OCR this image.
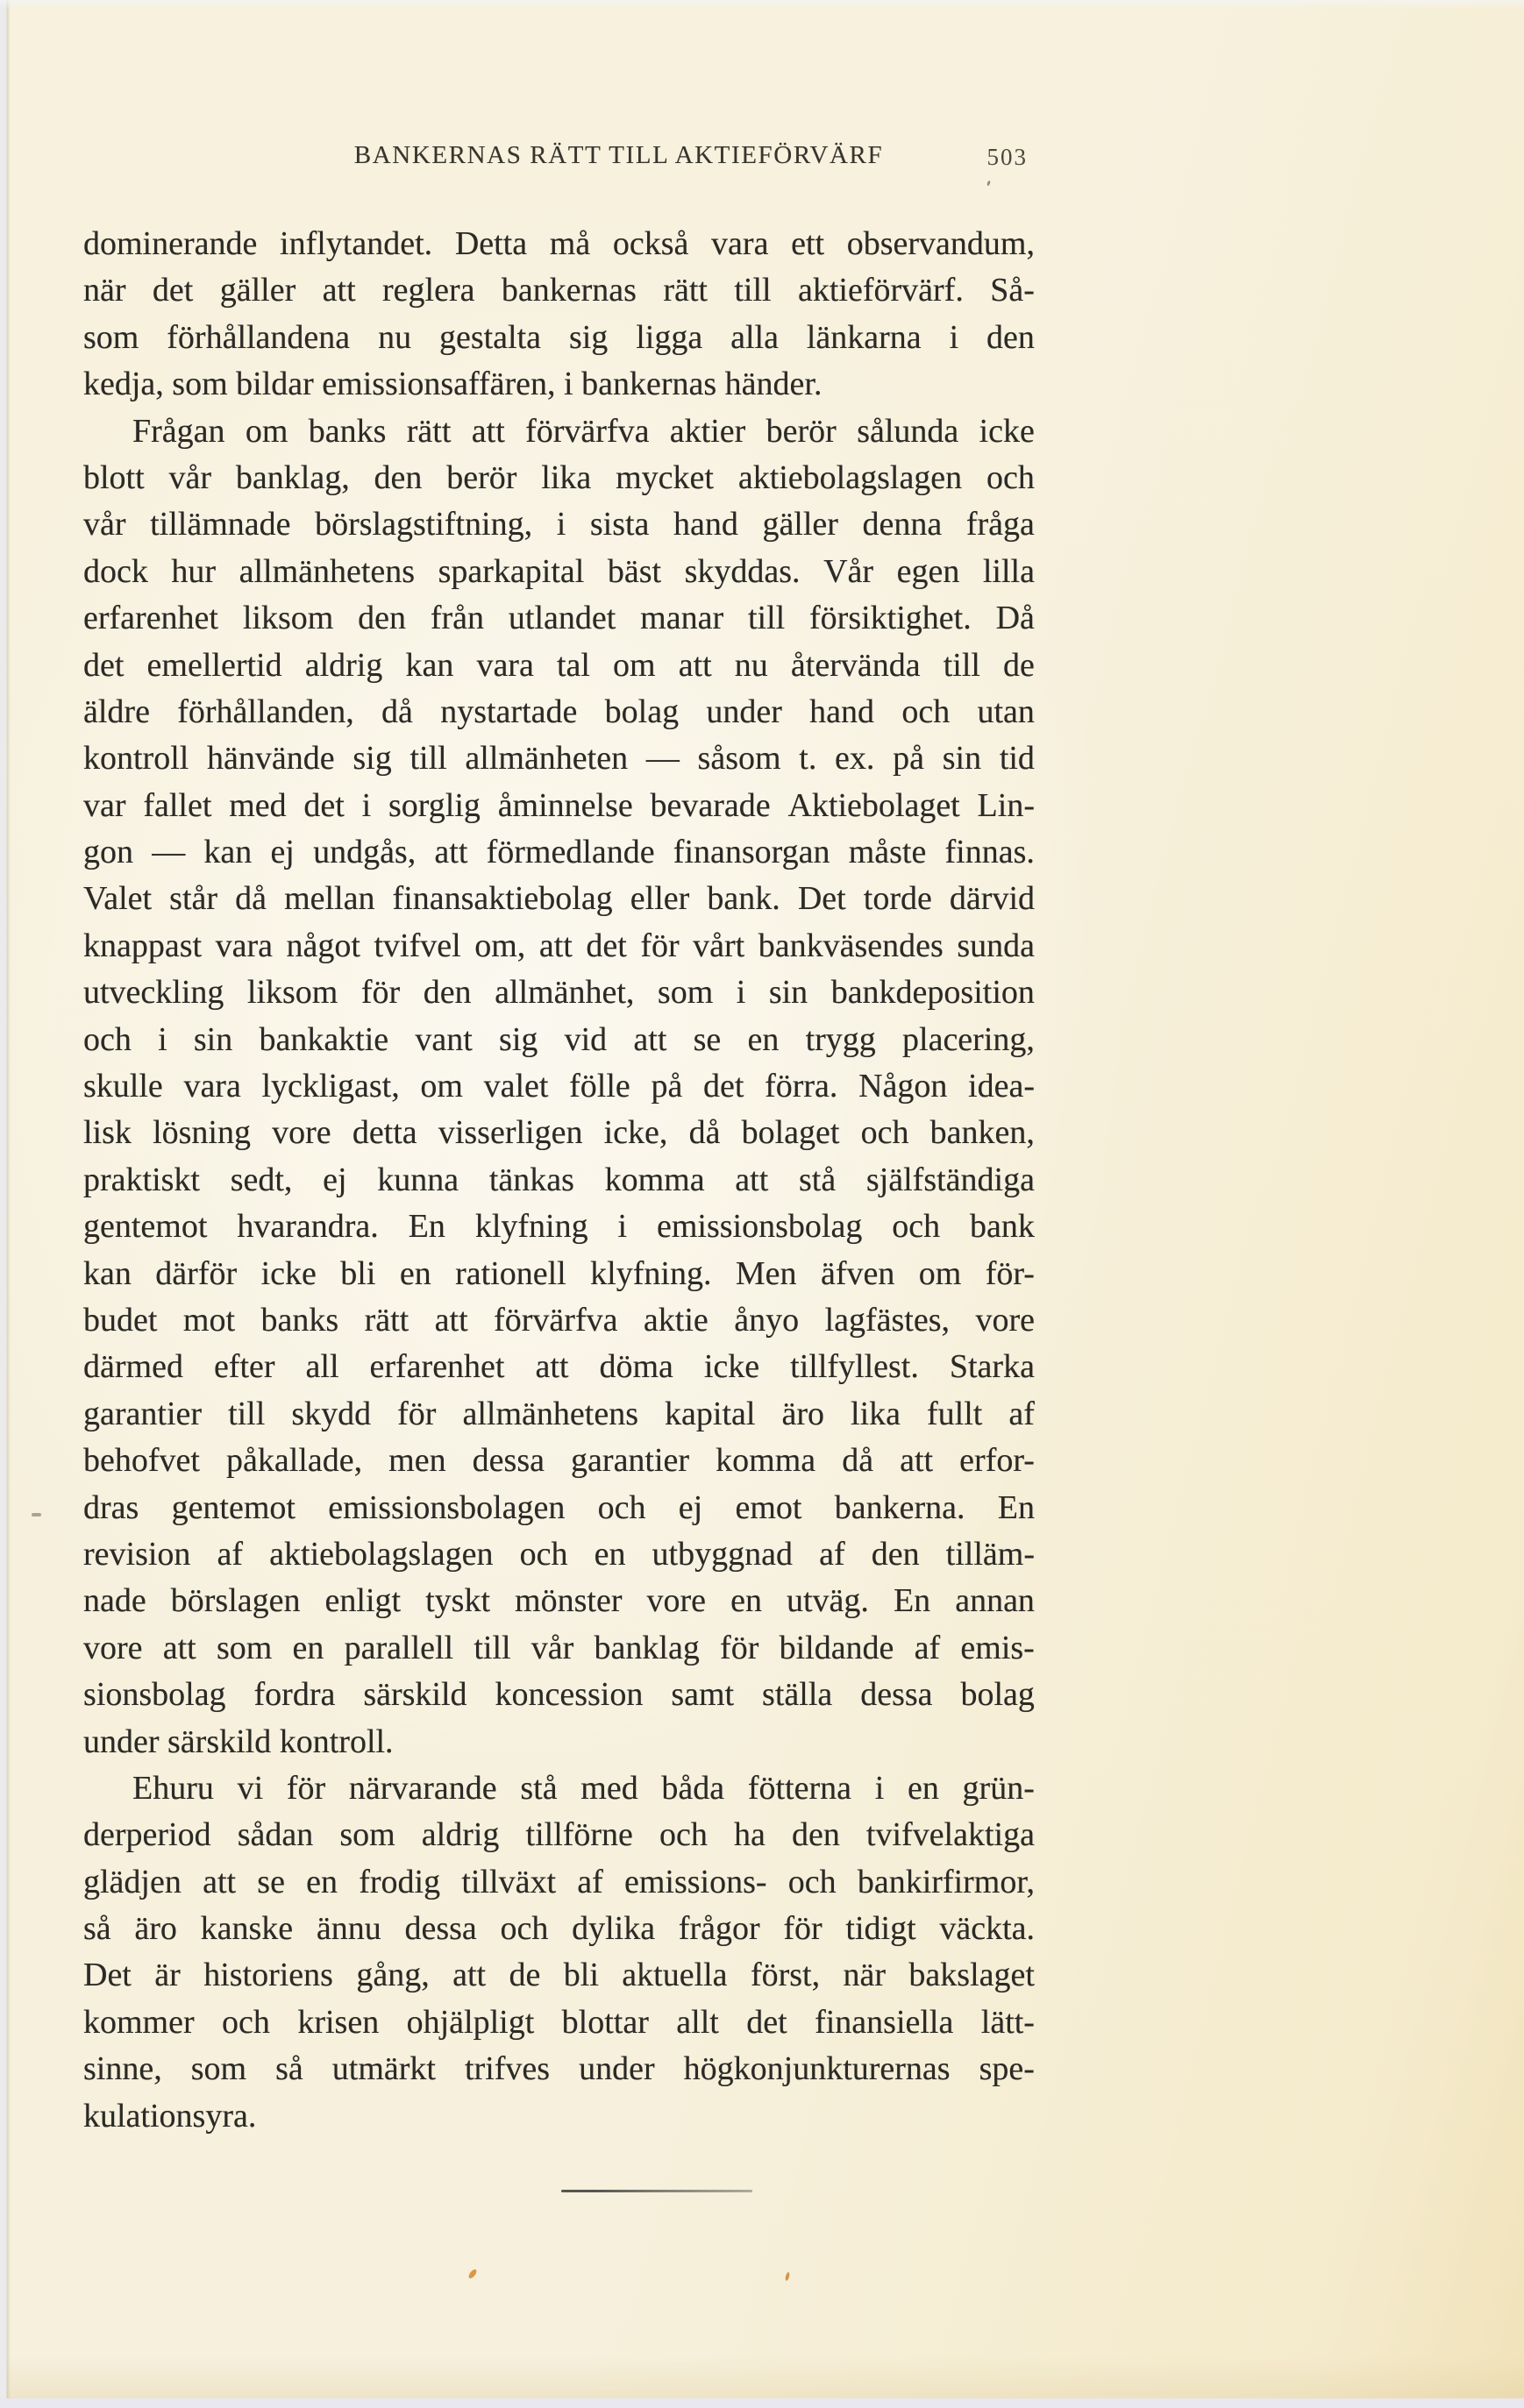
BANKERNAS RÄTT TILL AKTIEFÖRVÄRF	503
dominerande inflytandet. Detta må också vara ett observandum,
när det gäller att reglera bankernas rätt till aktieförvärf. Så-
som förhållandena nu gestalta sig ligga alla länkarna i den
kedja, som bildar emissionsaffären, i bankernas händer.
Frågan om banks rätt att förvärfva aktier berör sålunda icke
blott vår banklag, den berör lika mycket aktiebolagslagen och
vår tillämnade börslagstiftning, i sista hand gäller denna fråga
dock hur allmänhetens sparkapital bäst skyddas. Vår egen lilla
erfarenhet liksom den från utlandet manar till försiktighet. Då
det emellertid aldrig kan vara tal om att nu återvända till de
äldre förhållanden, då nystartade bolag under hand och utan
kontroll hänvände sig till allmänheten — såsom t. ex. på sin tid
var fallet med det i sorglig åminnelse bevarade Aktiebolaget Lin-
gon — kan ej undgås, att förmedlande finansorgan måste finnas.
Valet står då mellan finansaktiebolag eller bank. Det torde därvid
knappast vara något tvifvel om, att det för vårt bankväsendes sunda
utveckling liksom för den allmänhet, som i sin bankdeposition
och i sin bankaktie vant sig vid att se en trygg placering,
skulle vara lyckligast, om valet fölle på det förra. Någon idea-
lisk lösning vore detta visserligen icke, då bolaget och banken,
praktiskt sedt, ej kunna tänkas komma att stå själfständiga
gentemot hvarandra. En klyfning i emissionsbolag och bank
kan därför icke bli en rationell klyfning. Men äfven om för-
budet mot banks rätt att förvärfva aktie ånyo lagfästes, vore
därmed efter all erfarenhet att döma icke tillfyllest. Starka
garantier till skydd för allmänhetens kapital äro lika fullt af
behofvet påkallade, men dessa garantier komma då att erfor-
dras gentemot emissionsbolagen och ej emot bankerna. En
revision af aktiebolagslagen och en utbyggnad af den tilläm-
nade börslagen enligt tyskt mönster vore en utväg. En annan
vore att som en parallell till vår banklag för bildande af emis-
sionsbolag fordra särskild koncession samt ställa dessa bolag
under särskild kontroll.
Ehuru vi för närvarande stå med båda fötterna i en grün-
derperiod sådan som aldrig tillförne och ha den tvifvelaktiga
glädjen att se en frodig tillväxt af emissions- och bankirfirmor,
så äro kanske ännu dessa och dylika frågor för tidigt väckta.
Det är historiens gång, att de bli aktuella först, när bakslaget
kommer och krisen ohjälpligt blottar allt det finansiella lätt-
sinne, som så utmärkt trifves under högkonjunkturernas spe-
kulationsyra.
